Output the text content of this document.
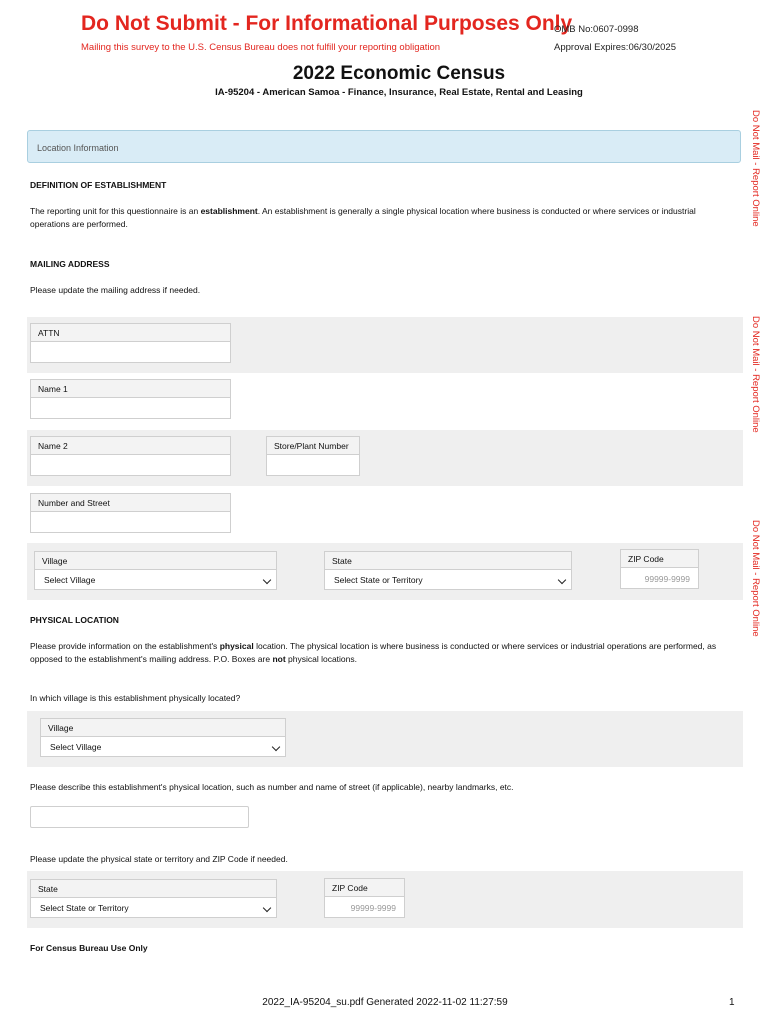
Do Not Submit - For Informational Purposes Only
Mailing this survey to the U.S. Census Bureau does not fulfill your reporting obligation
OMB No:0607-0998
Approval Expires:06/30/2025
2022 Economic Census
IA-95204 - American Samoa - Finance, Insurance, Real Estate, Rental and Leasing
Do Not Mail - Report Online
Do Not Mail - Report Online
Do Not Mail - Report Online
Location Information
DEFINITION OF ESTABLISHMENT
The reporting unit for this questionnaire is an establishment. An establishment is generally a single physical location where business is conducted or where services or industrial operations are performed.
MAILING ADDRESS
Please update the mailing address if needed.
ATTN
Name 1
Name 2	Store/Plant Number
Number and Street
Village
Select Village
State
Select State or Territory
ZIP Code
99999-9999
PHYSICAL LOCATION
Please provide information on the establishment's physical location. The physical location is where business is conducted or where services or industrial operations are performed, as opposed to the establishment's mailing address. P.O. Boxes are not physical locations.
In which village is this establishment physically located?
Village
Select Village
Please describe this establishment's physical location, such as number and name of street (if applicable), nearby landmarks, etc.
Please update the physical state or territory and ZIP Code if needed.
State
Select State or Territory
ZIP Code
99999-9999
For Census Bureau Use Only
2022_IA-95204_su.pdf Generated 2022-11-02 11:27:59	1
